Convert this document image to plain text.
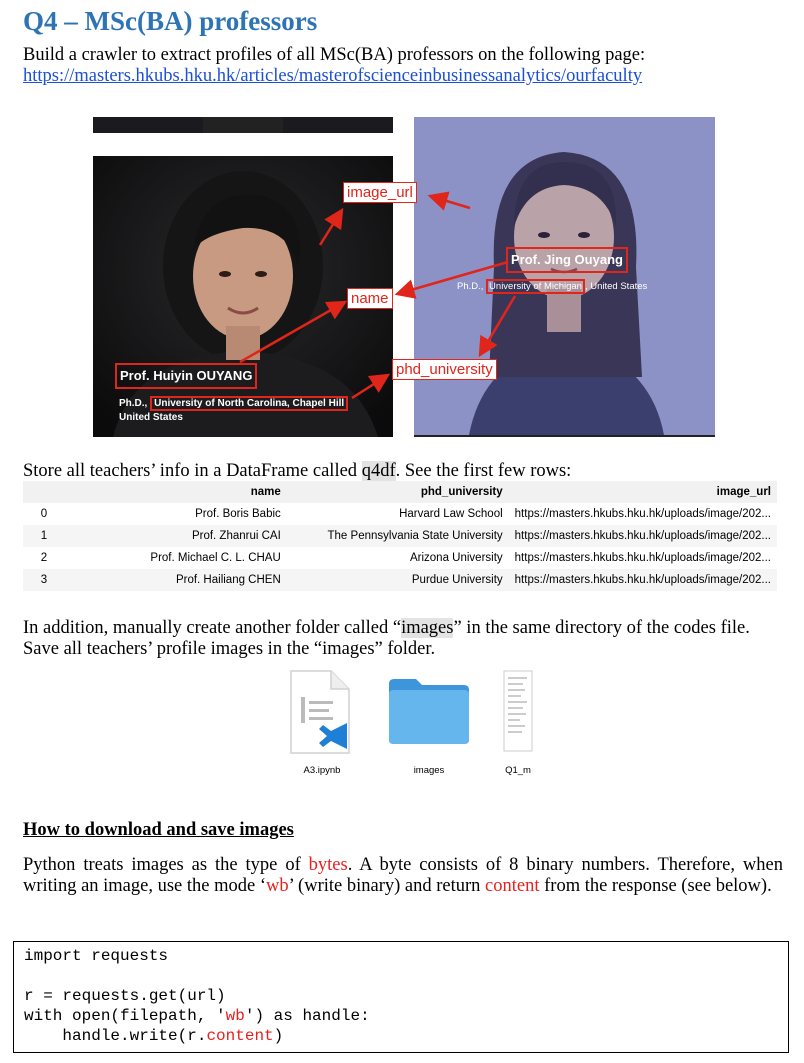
Q4 – MSc(BA) professors
Build a crawler to extract profiles of all MSc(BA) professors on the following page:
https://masters.hkubs.hku.hk/articles/masterofscienceinbusinessanalytics/ourfaculty
Prof. Huiyin OUYANG
Ph.D., University of North Carolina, Chapel Hill
United States
Prof. Jing Ouyang
Ph.D., University of Michigan , United States
image_url
name
phd_university
Store all teachers’ info in a DataFrame called q4df. See the first few rows:
	name	phd_university	image_url
0	Prof. Boris Babic	Harvard Law School	https://masters.hkubs.hku.hk/uploads/image/202...
1	Prof. Zhanrui CAI	The Pennsylvania State University	https://masters.hkubs.hku.hk/uploads/image/202...
2	Prof. Michael C. L. CHAU	Arizona University	https://masters.hkubs.hku.hk/uploads/image/202...
3	Prof. Hailiang CHEN	Purdue University	https://masters.hkubs.hku.hk/uploads/image/202...
In addition, manually create another folder called “images” in the same directory of the codes file.
Save all teachers’ profile images in the “images” folder.
A3.ipynb	images	Q1_m
How to download and save images
Python treats images as the type of bytes. A byte consists of 8 binary numbers. Therefore, when writing an image, use the mode ‘wb’ (write binary) and return content from the response (see below).
import requests

r = requests.get(url)
with open(filepath, 'wb') as handle:
handle.write(r.content)
